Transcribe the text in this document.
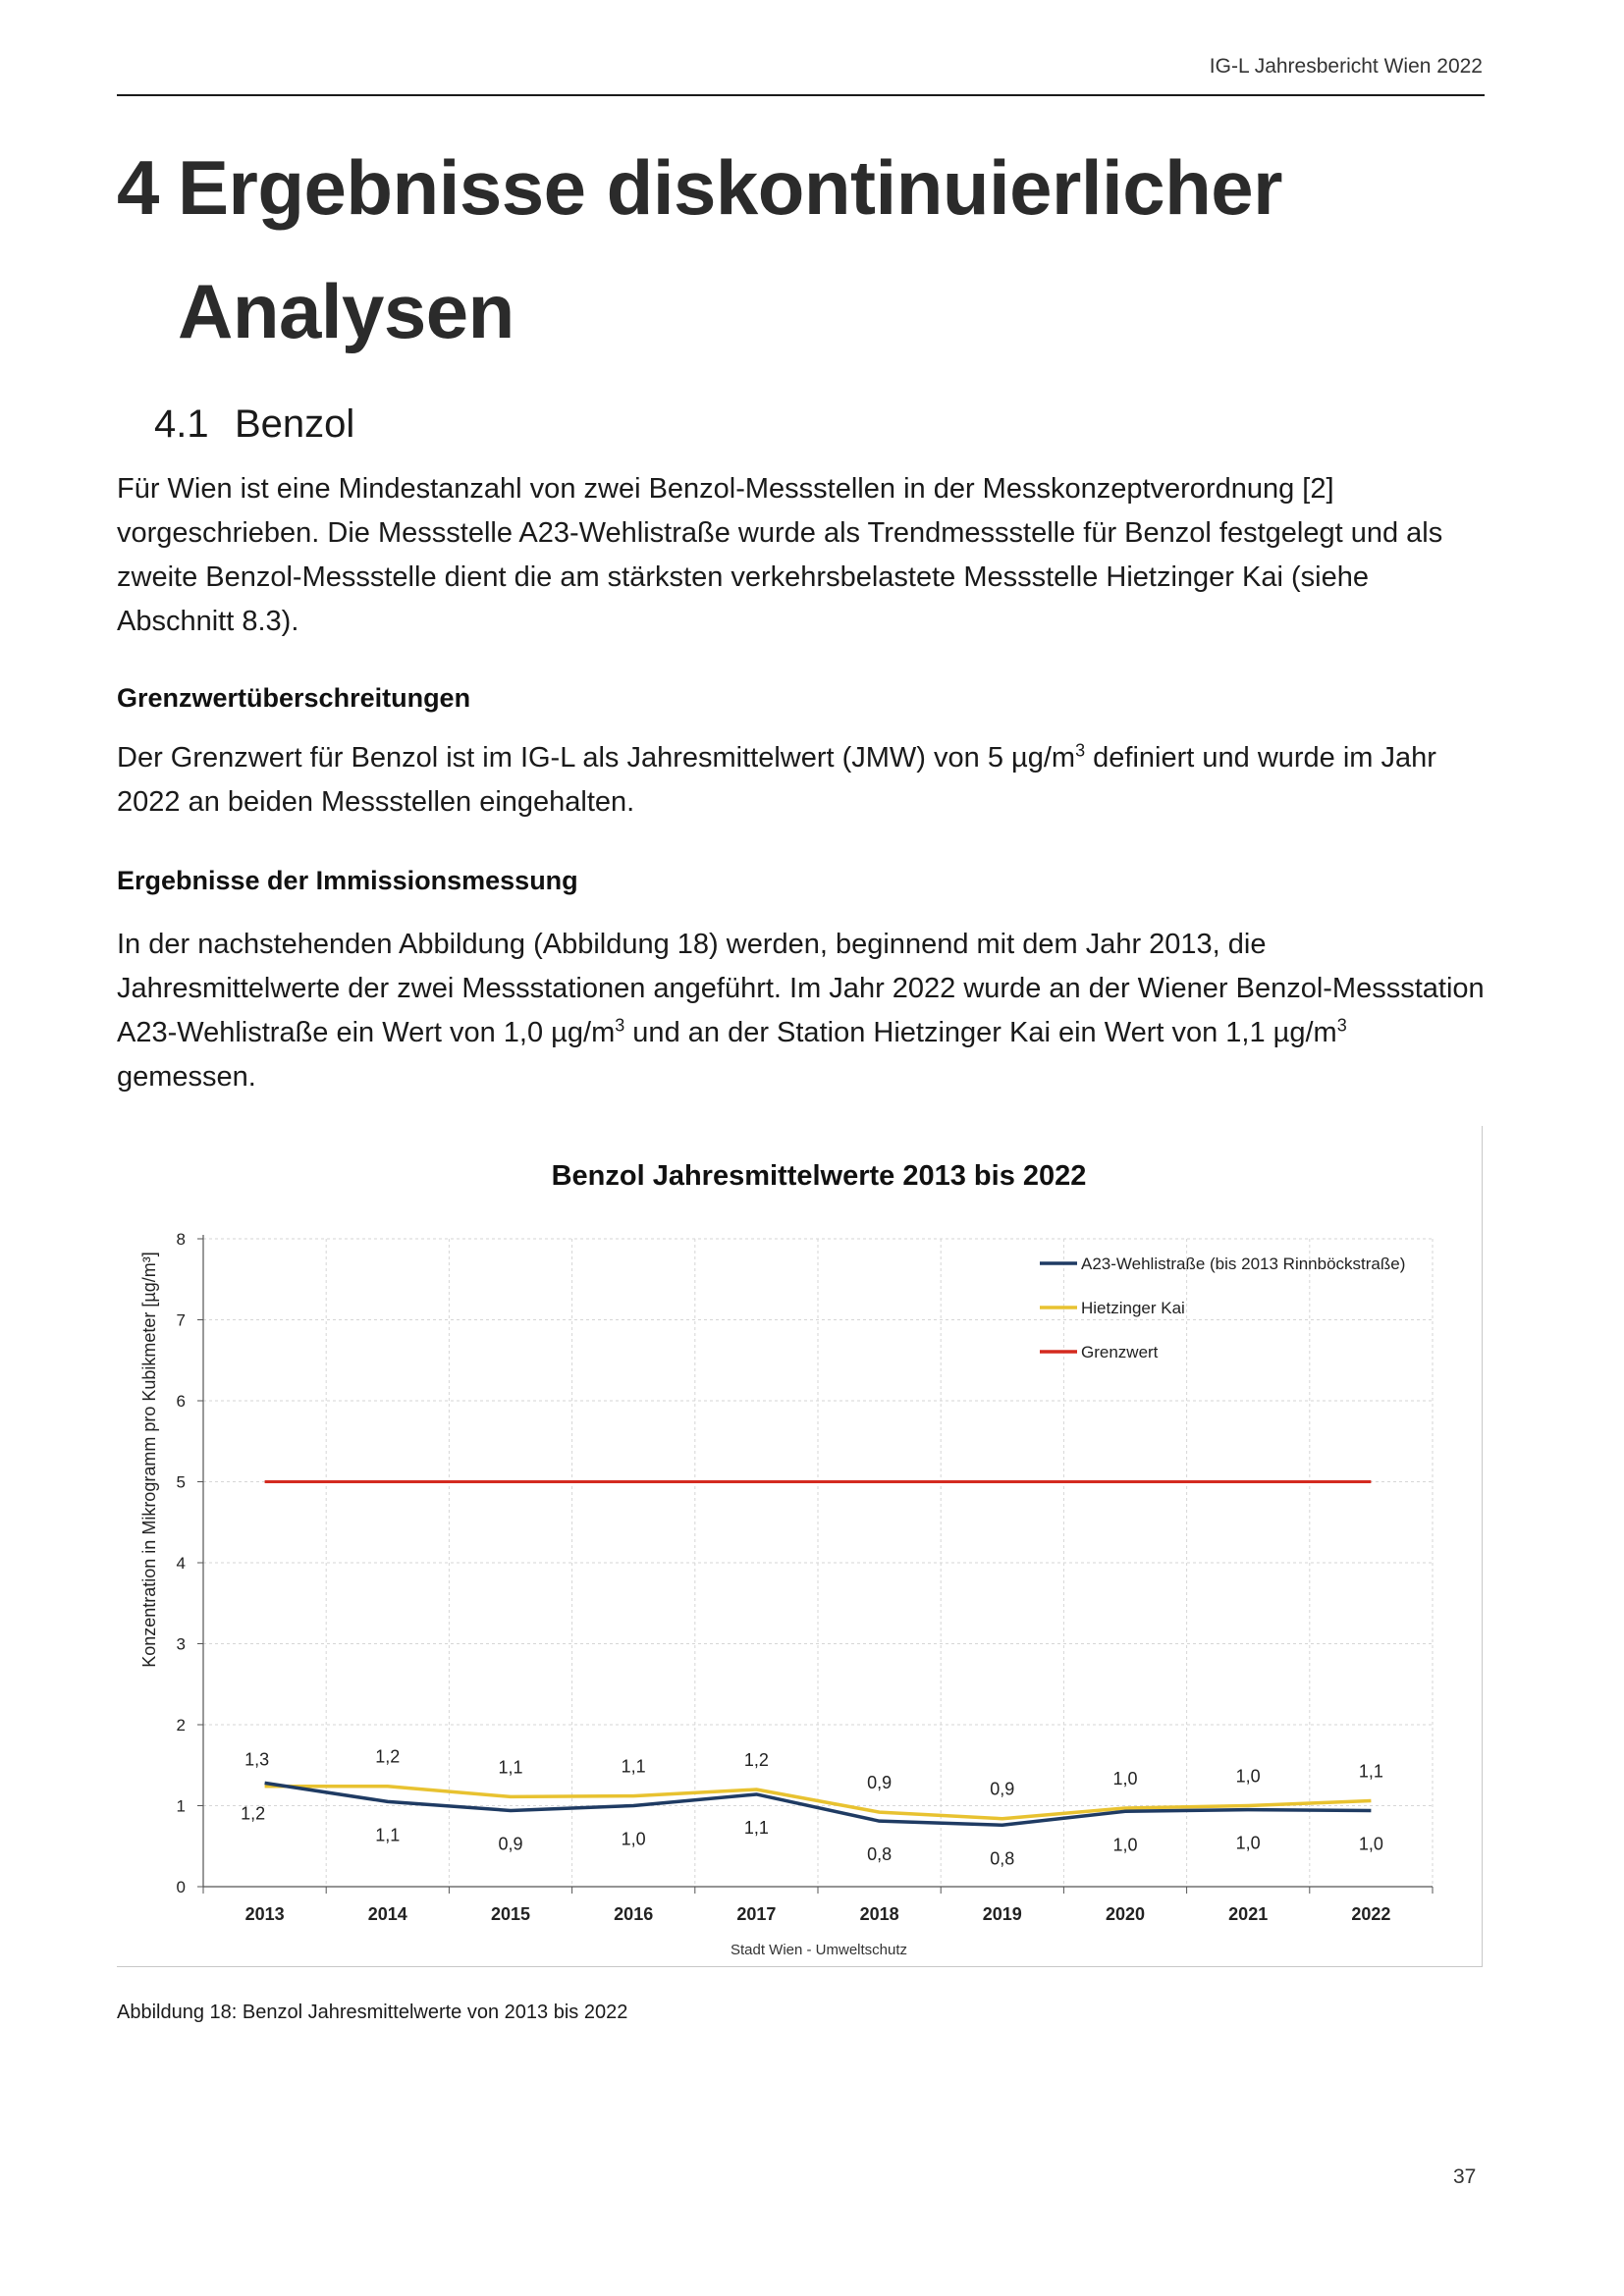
IG-L Jahresbericht Wien 2022
4 Ergebnisse diskontinuierlicher
Analysen
4.1 Benzol

Für Wien ist eine Mindestanzahl von zwei Benzol-Messstellen in der Messkonzeptverordnung [2] vorgeschrieben. Die Messstelle A23-Wehlistraße wurde als Trendmessstelle für Benzol festgelegt und als zweite Benzol-Messstelle dient die am stärksten verkehrsbelastete Messstelle Hietzinger Kai (siehe Abschnitt 8.3).

Grenzwertüberschreitungen

Der Grenzwert für Benzol ist im IG-L als Jahresmittelwert (JMW) von 5 $\mu g/m^3$ definiert und wurde im Jahr 2022 an beiden Messstellen eingehalten.

Ergebnisse der Immissionsmessung

In der nachstehenden Abbildung (Abbildung 18) werden, beginnend mit dem Jahr 2013, die Jahresmittelwerte der zwei Messstationen angeführt. Im Jahr 2022 wurde an der Wiener Benzol-Messstation A23-Wehlistraße ein Wert von 1,0 $\mu g/m^3$ und an der Station Hietzinger Kai ein Wert von 1,1 $\mu g/m^3$ gemessen.

Benzol Jahresmittelwerte 2013 bis 2022
0
1
2
3
4
5
6
7
8
2013	2014	2015	2016	2017	2018	2019	2020	2021	2022
1,3
1,2
1,1
1,2
0,9
1,1
1,0
1,1
1,1
1,2
0,8
0,9
0,8
0,9
1,0
1,0
1,0
1,0
1,0
1,1
A23-Wehlistraße (bis 2013 Rinnböckstraße)
Hietzinger Kai
Grenzwert
Konzentration in Mikrogramm pro Kubikmeter [µg/m³]
Stadt Wien - Umweltschutz
Abbildung 18: Benzol Jahresmittelwerte von 2013 bis 2022
37
